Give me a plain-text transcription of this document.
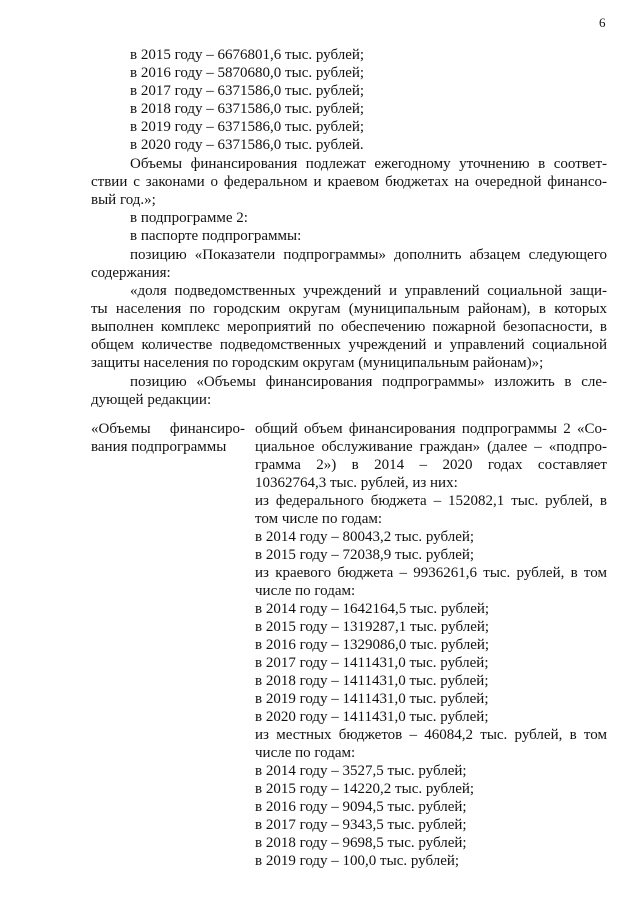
6
в 2015 году – 6676801,6 тыс. рублей;
в 2016 году – 5870680,0 тыс. рублей;
в 2017 году – 6371586,0 тыс. рублей;
в 2018 году – 6371586,0 тыс. рублей;
в 2019 году – 6371586,0 тыс. рублей;
в 2020 году – 6371586,0 тыс. рублей.
Объемы финансирования подлежат ежегодному уточнению в соответ-
ствии с законами о федеральном и краевом бюджетах на очередной финансо-
вый год.»;
в подпрограмме 2:
в паспорте подпрограммы:
позицию «Показатели подпрограммы» дополнить абзацем следующего
содержания:
«доля подведомственных учреждений и управлений социальной защи-
ты населения по городским округам (муниципальным районам), в которых
выполнен комплекс мероприятий по обеспечению пожарной безопасности, в
общем количестве подведомственных учреждений и управлений социальной
защиты населения по городским округам (муниципальным районам)»;
позицию «Объемы финансирования подпрограммы» изложить в сле-
дующей редакции:
«Объемы финансиро-
вания подпрограммы
общий объем финансирования подпрограммы 2 «Со-
циальное обслуживание граждан» (далее – «подпро-
грамма 2») в 2014 – 2020 годах составляет
10362764,3 тыс. рублей, из них:
из федерального бюджета – 152082,1 тыс. рублей, в
том числе по годам:
в 2014 году – 80043,2 тыс. рублей;
в 2015 году – 72038,9 тыс. рублей;
из краевого бюджета – 9936261,6 тыс. рублей, в том
числе по годам:
в 2014 году – 1642164,5 тыс. рублей;
в 2015 году – 1319287,1 тыс. рублей;
в 2016 году – 1329086,0 тыс. рублей;
в 2017 году – 1411431,0 тыс. рублей;
в 2018 году – 1411431,0 тыс. рублей;
в 2019 году – 1411431,0 тыс. рублей;
в 2020 году – 1411431,0 тыс. рублей;
из местных бюджетов – 46084,2 тыс. рублей, в том
числе по годам:
в 2014 году – 3527,5 тыс. рублей;
в 2015 году – 14220,2 тыс. рублей;
в 2016 году – 9094,5 тыс. рублей;
в 2017 году – 9343,5 тыс. рублей;
в 2018 году – 9698,5 тыс. рублей;
в 2019 году – 100,0 тыс. рублей;
